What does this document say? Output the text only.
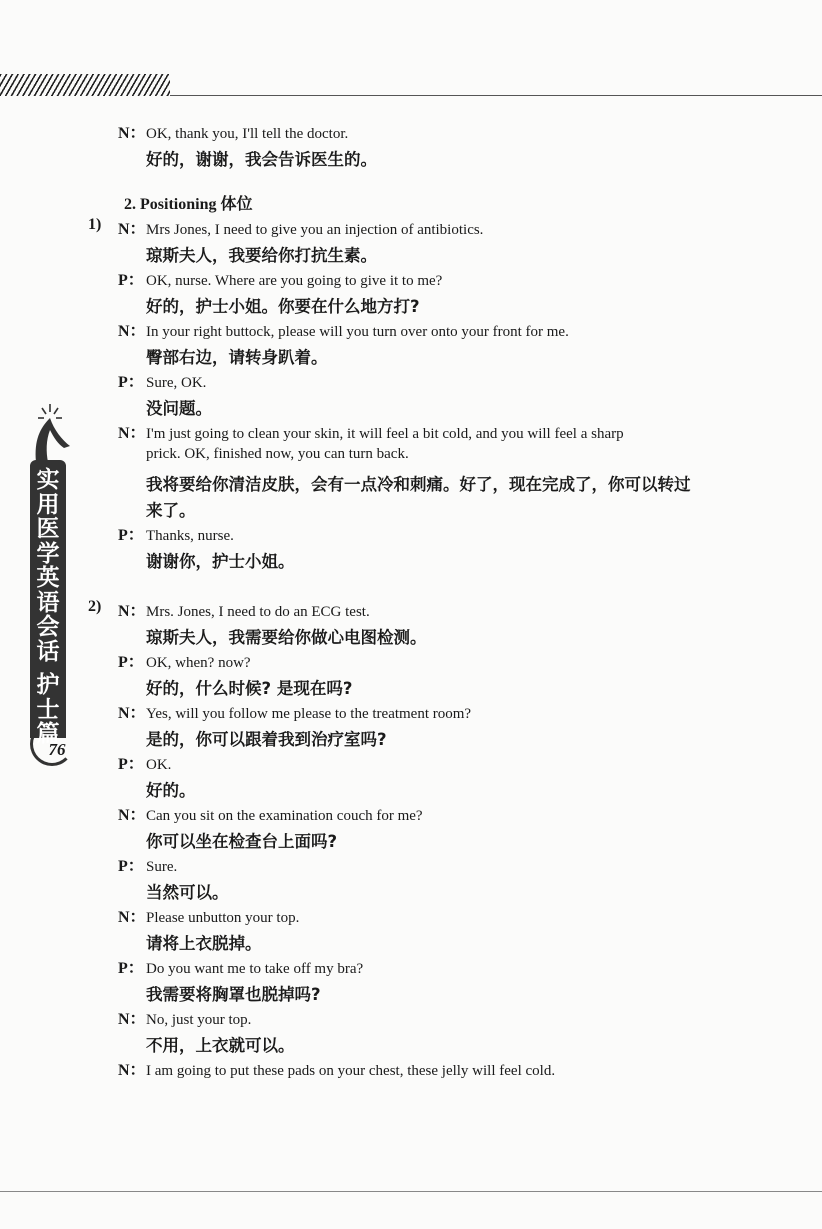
实用医学英语会话
护士篇
76
N：OK, thank you, I'll tell the doctor.
好的，谢谢，我会告诉医生的。
2. Positioning 体位
1) N：Mrs Jones, I need to give you an injection of antibiotics.
琼斯夫人，我要给你打抗生素。
P： OK, nurse. Where are you going to give it to me?
好的，护士小姐。你要在什么地方打?
N：In your right buttock, please will you turn over onto your front for me.
臀部右边，请转身趴着。
P： Sure, OK.
没问题。
N：I'm just going to clean your skin, it will feel a bit cold, and you will feel a sharp
prick. OK, finished now, you can turn back.
我将要给你清洁皮肤，会有一点冷和刺痛。好了，现在完成了，你可以转过
来了。
P： Thanks, nurse.
谢谢你，护士小姐。
2) N：Mrs. Jones, I need to do an ECG test.
琼斯夫人，我需要给你做心电图检测。
P： OK, when? now?
好的，什么时候? 是现在吗?
N：Yes, will you follow me please to the treatment room?
是的，你可以跟着我到治疗室吗?
P： OK.
好的。
N：Can you sit on the examination couch for me?
你可以坐在检查台上面吗?
P： Sure.
当然可以。
N：Please unbutton your top.
请将上衣脱掉。
P： Do you want me to take off my bra?
我需要将胸罩也脱掉吗?
N：No, just your top.
不用，上衣就可以。
N：I am going to put these pads on your chest, these jelly will feel cold.
